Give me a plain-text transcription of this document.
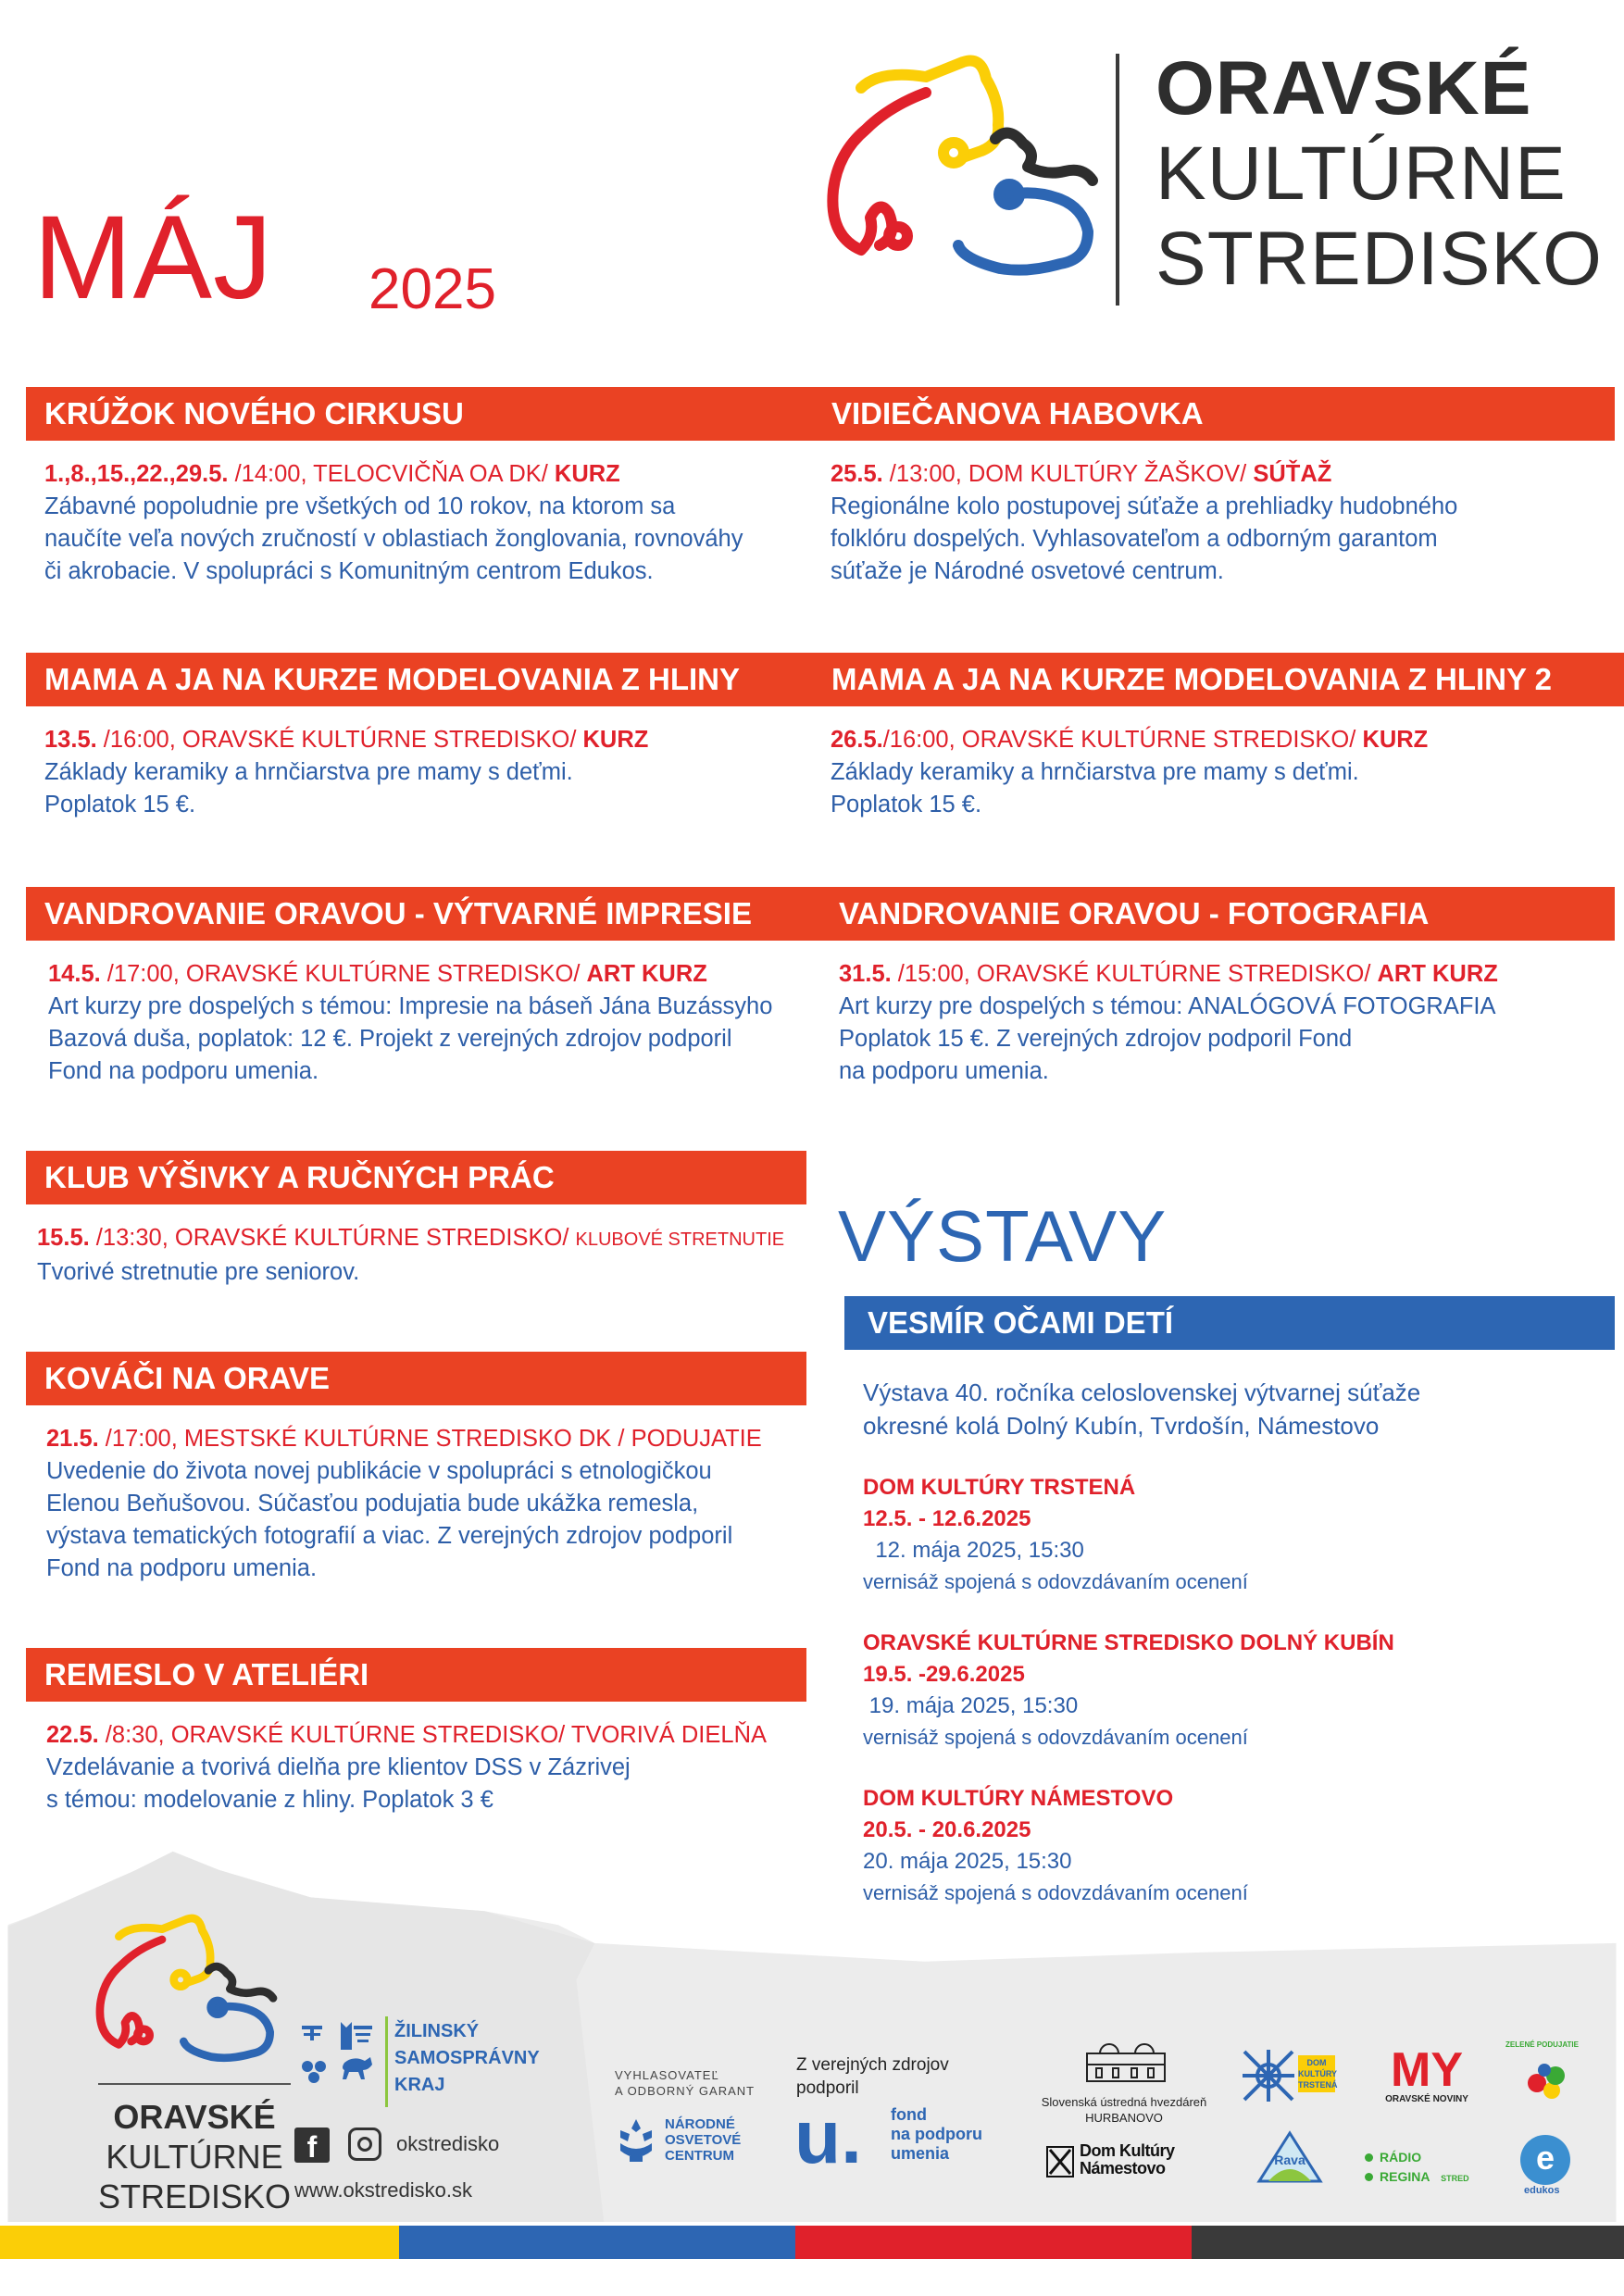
MÁJ 2025
ORAVSKÉ
KULTÚRNE
STREDISKO
KRÚŽOK NOVÉHO CIRKUSU

1.,8.,15.,22.,29.5. /14:00, TELOCVIČŇA OA DK/ KURZ

Zábavné popoludnie pre všetkých od 10 rokov, na ktorom sa

naučíte veľa nových zručností v oblastiach žonglovania, rovnováhy

či akrobacie. V spolupráci s Komunitným centrom Edukos.

MAMA A JA NA KURZE MODELOVANIA Z HLINY

13.5. /16:00, ORAVSKÉ KULTÚRNE STREDISKO/ KURZ

Základy keramiky a hrnčiarstva pre mamy s deťmi.

Poplatok 15 €.

VANDROVANIE ORAVOU - VÝTVARNÉ IMPRESIE

14.5. /17:00, ORAVSKÉ KULTÚRNE STREDISKO/ ART KURZ

Art kurzy pre dospelých s témou: Impresie na báseň Jána Buzássyho

Bazová duša, poplatok: 12 €. Projekt z verejných zdrojov podporil

Fond na podporu umenia.

KLUB VÝŠIVKY A RUČNÝCH PRÁC

15.5. /13:30, ORAVSKÉ KULTÚRNE STREDISKO/ KLUBOVÉ STRETNUTIE

Tvorivé stretnutie pre seniorov.

KOVÁČI NA ORAVE

21.5. /17:00, MESTSKÉ KULTÚRNE STREDISKO DK / PODUJATIE

Uvedenie do života novej publikácie v spolupráci s etnologičkou

Elenou Beňušovou. Súčasťou podujatia bude ukážka remesla,

výstava tematických fotografií a viac. Z verejných zdrojov podporil

Fond na podporu umenia.

REMESLO V ATELIÉRI

22.5. /8:30, ORAVSKÉ KULTÚRNE STREDISKO/ TVORIVÁ DIELŇA

Vzdelávanie a tvorivá dielňa pre klientov DSS v Zázrivej

s témou: modelovanie z hliny. Poplatok 3 €

VIDIEČANOVA HABOVKA

25.5. /13:00, DOM KULTÚRY ŽAŠKOV/ SÚŤAŽ

Regionálne kolo postupovej súťaže a prehliadky hudobného

folklóru dospelých. Vyhlasovateľom a odborným garantom

súťaže je Národné osvetové centrum.

MAMA A JA NA KURZE MODELOVANIA Z HLINY 2

26.5./16:00, ORAVSKÉ KULTÚRNE STREDISKO/ KURZ

Základy keramiky a hrnčiarstva pre mamy s deťmi.

Poplatok 15 €.

VANDROVANIE ORAVOU - FOTOGRAFIA

31.5. /15:00, ORAVSKÉ KULTÚRNE STREDISKO/ ART KURZ

Art kurzy pre dospelých s témou: ANALÓGOVÁ FOTOGRAFIA

Poplatok 15 €. Z verejných zdrojov podporil Fond

na podporu umenia.

VÝSTAVY
VESMÍR OČAMI DETÍ
Výstava 40. ročníka celoslovenskej výtvarnej súťaže
okresné kolá Dolný Kubín, Tvrdošín, Námestovo
DOM KULTÚRY TRSTENÁ
12.5. - 12.6.2025
12. mája 2025, 15:30
vernisáž spojená s odovzdávaním ocenení
ORAVSKÉ KULTÚRNE STREDISKO DOLNÝ KUBÍN
19.5. -29.6.2025
19. mája 2025, 15:30
vernisáž spojená s odovzdávaním ocenení
DOM KULTÚRY NÁMESTOVO
20.5. - 20.6.2025
20. mája 2025, 15:30
vernisáž spojená s odovzdávaním ocenení
ORAVSKÉ
KULTÚRNE
STREDISKO
ŽILINSKÝ
SAMOSPRÁVNY
KRAJ
f	okstredisko
www.okstredisko.sk
VYHLASOVATEĽ
A ODBORNÝ GARANT
NÁRODNÉ
OSVETOVÉ
CENTRUM
Z verejných zdrojov
podporil
u. fond
na podporu
umenia
Slovenská ústredná hvezdáreň
HURBANOVO
Dom Kultúry
Námestovo
DOM
KULTÚRY
TRSTENÁ
Rava
MY
ORAVSKÉ NOVINY
RÁDIO
REGINA STRED
ZELENÉ PODUJATIE
e
edukos
